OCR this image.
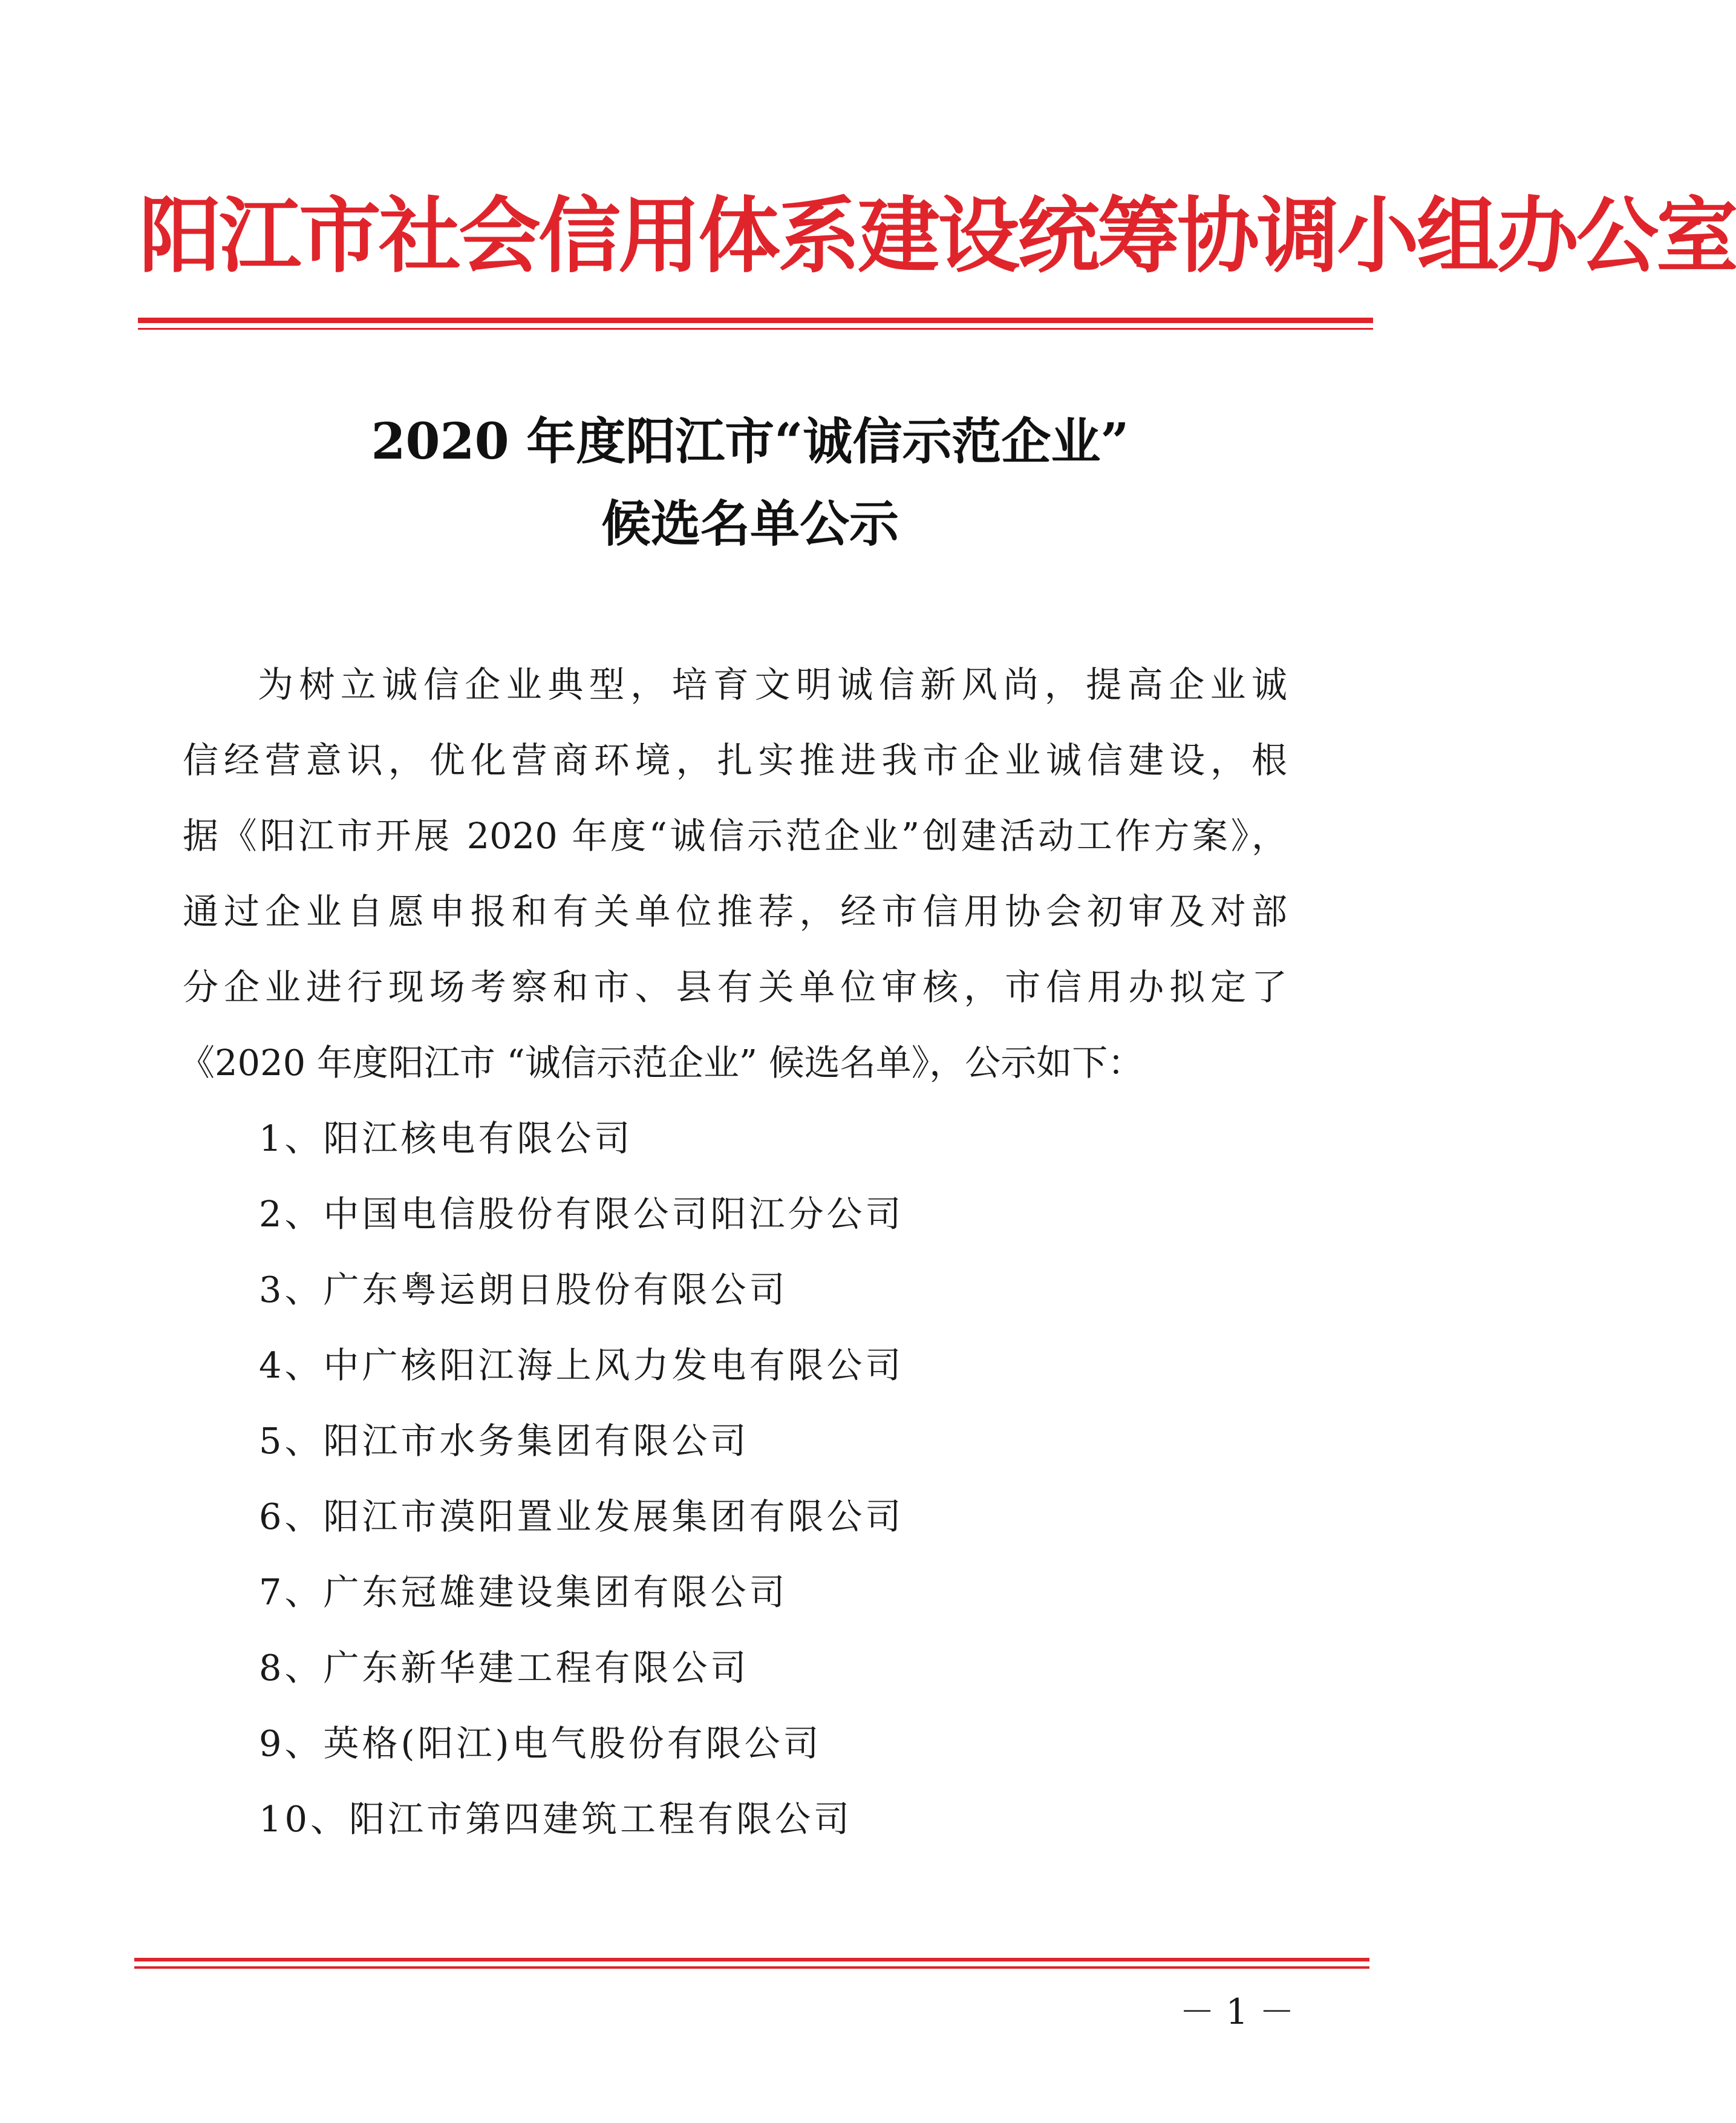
阳江市社会信用体系建设统筹协调小组办公室
2020 年度阳江市“诚信示范企业”
候选名单公示
为树立诚信企业典型，培育文明诚信新风尚，提高企业诚
信经营意识，优化营商环境，扎实推进我市企业诚信建设，根
据《阳江市开展 2020 年度“诚信示范企业”创建活动工作方案》，
通过企业自愿申报和有关单位推荐，经市信用协会初审及对部
分企业进行现场考察和市、县有关单位审核，市信用办拟定了
《2020 年度阳江市 “诚信示范企业” 候选名单》，公示如下：
1、阳江核电有限公司
2、中国电信股份有限公司阳江分公司
3、广东粤运朗日股份有限公司
4、中广核阳江海上风力发电有限公司
5、阳江市水务集团有限公司
6、阳江市漠阳置业发展集团有限公司
7、广东冠雄建设集团有限公司
8、广东新华建工程有限公司
9、英格(阳江)电气股份有限公司
10、阳江市第四建筑工程有限公司
－ 1 －
